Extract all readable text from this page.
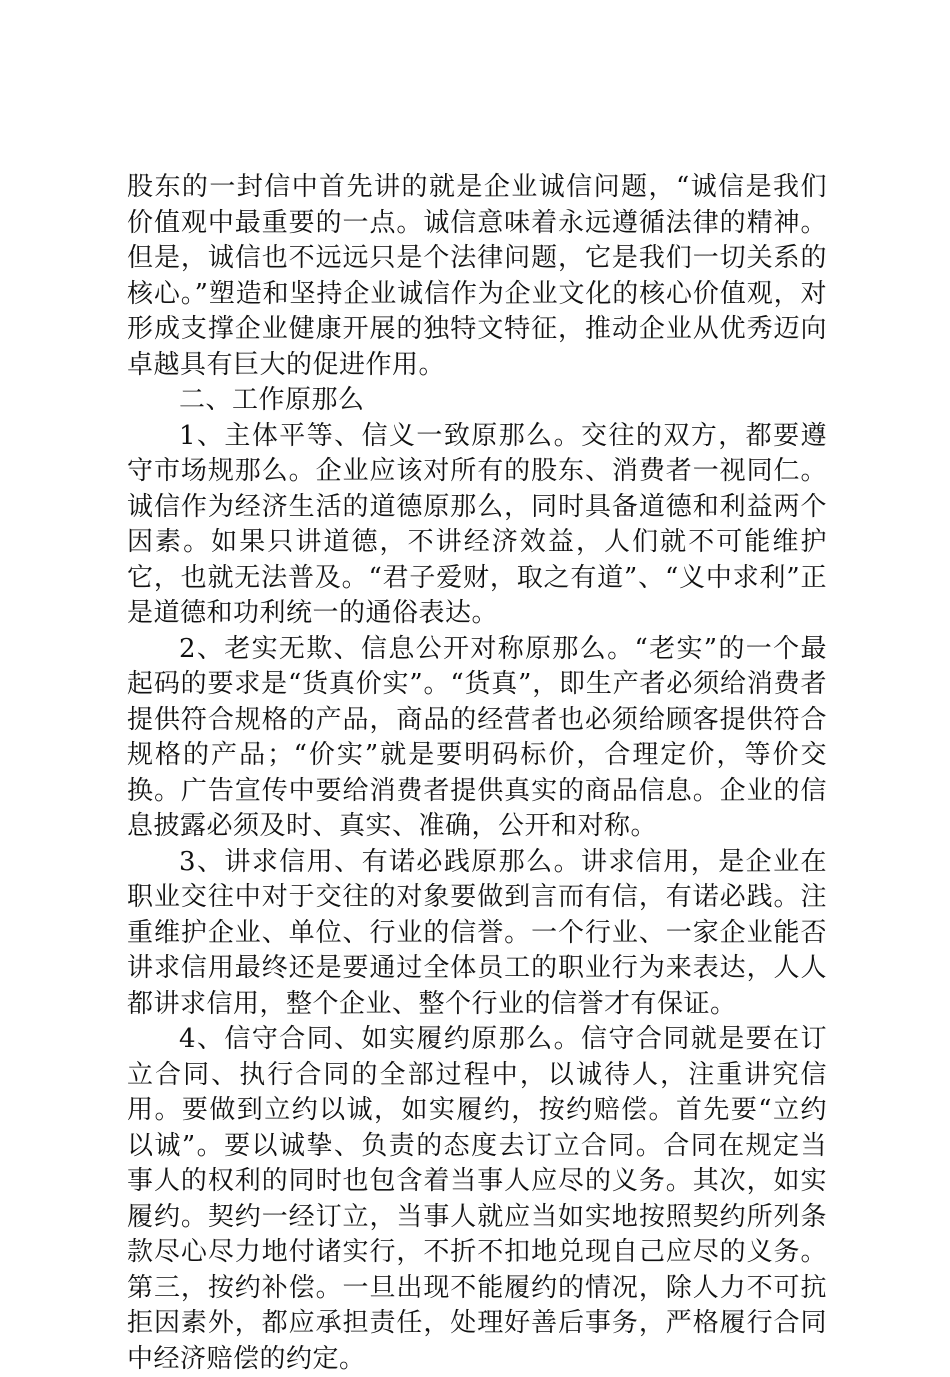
股东的一封信中首先讲的就是企业诚信问题，“诚信是我们价值观中最重要的一点。诚信意味着永远遵循法律的精神。但是，诚信也不远远只是个法律问题，它是我们一切关系的核心。”塑造和坚持企业诚信作为企业文化的核心价值观，对形成支撑企业健康开展的独特文特征，推动企业从优秀迈向卓越具有巨大的促进作用。

二、工作原那么

1、主体平等、信义一致原那么。交往的双方，都要遵守市场规那么。企业应该对所有的股东、消费者一视同仁。诚信作为经济生活的道德原那么，同时具备道德和利益两个因素。如果只讲道德，不讲经济效益，人们就不可能维护它，也就无法普及。“君子爱财，取之有道”、“义中求利”正是道德和功利统一的通俗表达。

2、老实无欺、信息公开对称原那么。“老实”的一个最起码的要求是“货真价实”。“货真”，即生产者必须给消费者提供符合规格的产品，商品的经营者也必须给顾客提供符合规格的产品；“价实”就是要明码标价，合理定价，等价交换。广告宣传中要给消费者提供真实的商品信息。企业的信息披露必须及时、真实、准确，公开和对称。

3、讲求信用、有诺必践原那么。讲求信用，是企业在职业交往中对于交往的对象要做到言而有信，有诺必践。注重维护企业、单位、行业的信誉。一个行业、一家企业能否讲求信用最终还是要通过全体员工的职业行为来表达，人人都讲求信用，整个企业、整个行业的信誉才有保证。

4、信守合同、如实履约原那么。信守合同就是要在订立合同、执行合同的全部过程中，以诚待人，注重讲究信用。要做到立约以诚，如实履约，按约赔偿。首先要“立约以诚”。要以诚挚、负责的态度去订立合同。合同在规定当事人的权利的同时也包含着当事人应尽的义务。其次，如实履约。契约一经订立，当事人就应当如实地按照契约所列条款尽心尽力地付诸实行，不折不扣地兑现自己应尽的义务。第三，按约补偿。一旦出现不能履约的情况，除人力不可抗拒因素外，都应承担责任，处理好善后事务，严格履行合同中经济赔偿的约定。
